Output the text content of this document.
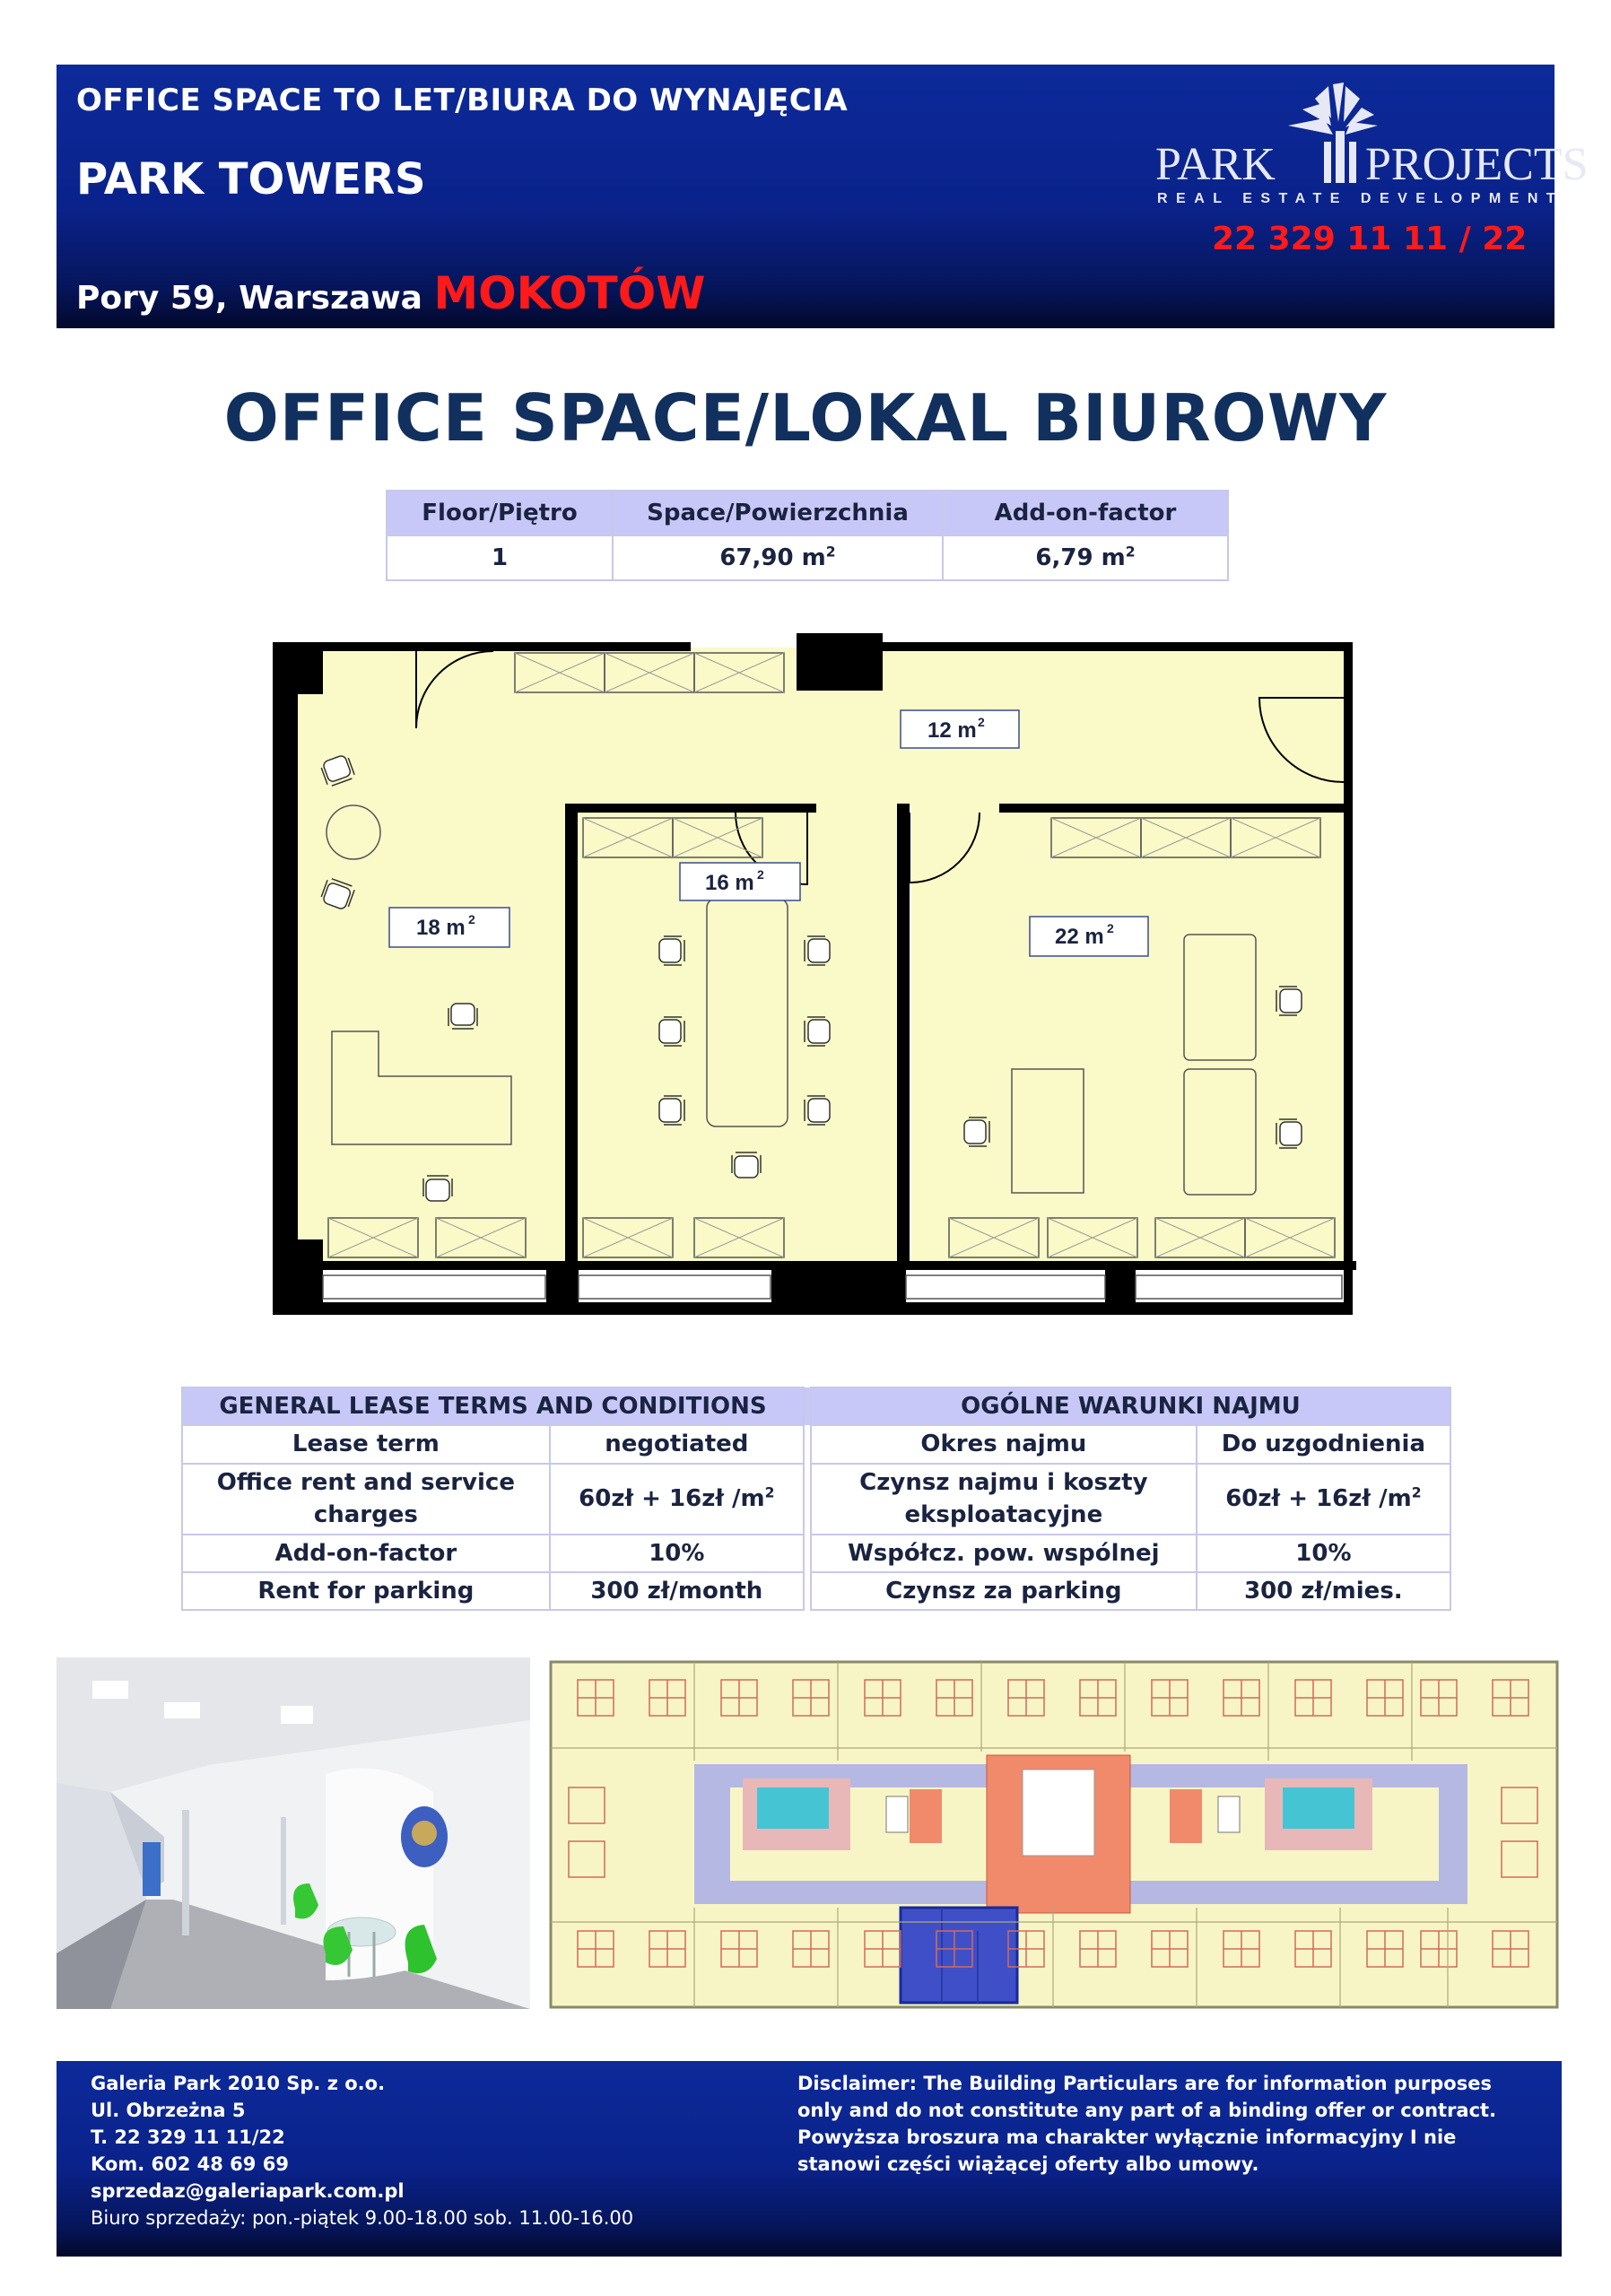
OFFICE SPACE TO LET/BIURA DO WYNAJĘCIA
PARK TOWERS
Pory 59, Warszawa MOKOTÓW
PARK PROJECTS
REAL ESTATE DEVELOPMENT
22 329 11 11 / 22
OFFICE SPACE/LOKAL BIUROWY
Floor/Piętro	Space/Powierzchnia	Add-on-factor
1	67,90 $m^2$	6,79 $m^2$
12 m 2
16 m 2
18 m 2
22 m 2
GENERAL LEASE TERMS AND CONDITIONS			OGÓLNE WARUNKI NAJMU	
Lease term	negotiated		Okres najmu	Do uzgodnienia
Office rent and service charges	60zł + 16zł $/m^2$		Czynsz najmu i koszty eksploatacyjne	60zł + 16zł $/m^2$
Add-on-factor	10%		Współcz. pow. wspólnej	10%
Rent for parking	300 zł/month		Czynsz za parking	300 zł/mies.
Galeria Park 2010 Sp. z o.o.
Ul. Obrzeżna 5
T. 22 329 11 11/22
Kom. 602 48 69 69
sprzedaz@galeriapark.com.pl
Biuro sprzedaży: pon.-piątek 9.00-18.00 sob. 11.00-16.00
Disclaimer: The Building Particulars are for information purposes only and do not constitute any part of a binding offer or contract.
Powyższa broszura ma charakter wyłącznie informacyjny I nie stanowi części wiążącej oferty albo umowy.
